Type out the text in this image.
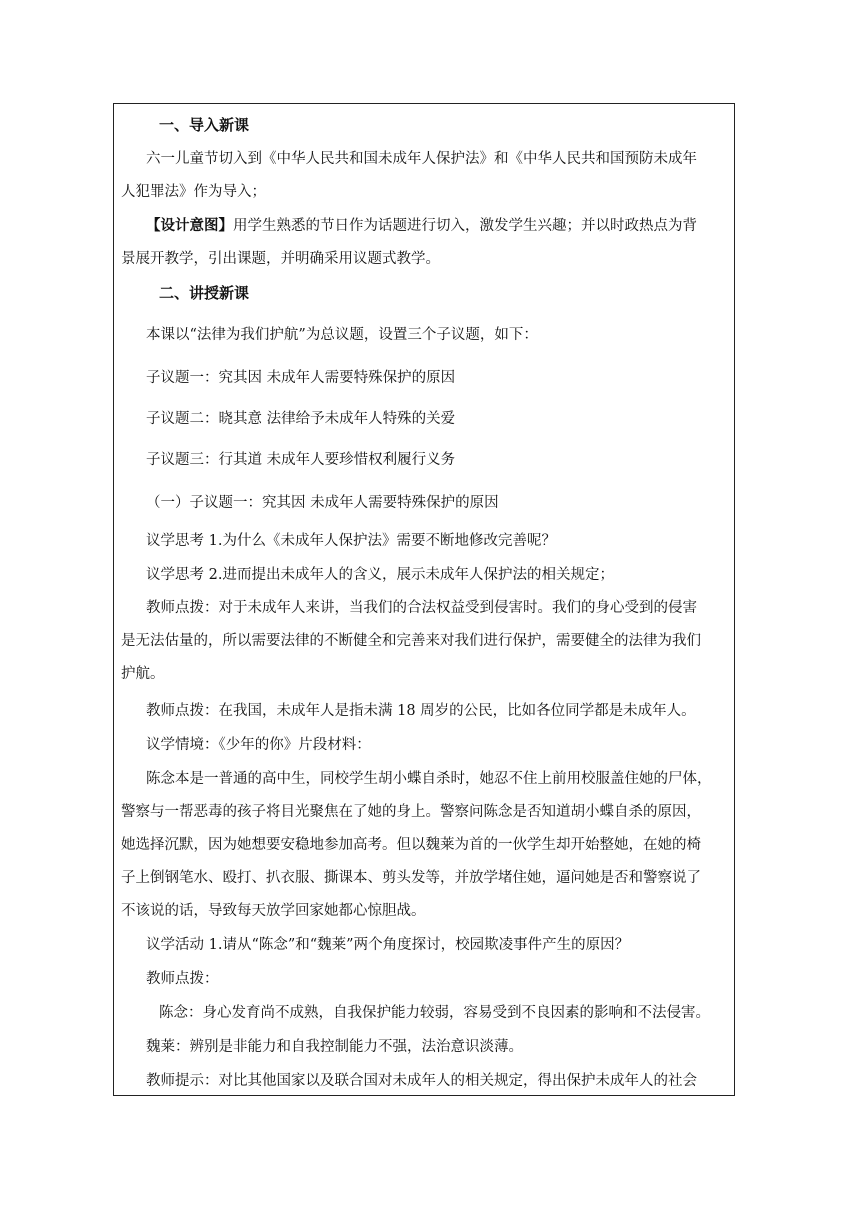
一、导入新课
六一儿童节切入到《中华人民共和国未成年人保护法》和《中华人民共和国预防未成年
人犯罪法》作为导入；
【设计意图】用学生熟悉的节日作为话题进行切入，激发学生兴趣；并以时政热点为背
景展开教学，引出课题，并明确采用议题式教学。
二、讲授新课
本课以“法律为我们护航”为总议题，设置三个子议题，如下：
子议题一：究其因 未成年人需要特殊保护的原因
子议题二：晓其意 法律给予未成年人特殊的关爱
子议题三：行其道 未成年人要珍惜权利履行义务
（一）子议题一：究其因 未成年人需要特殊保护的原因
议学思考 1.为什么《未成年人保护法》需要不断地修改完善呢？
议学思考 2.进而提出未成年人的含义，展示未成年人保护法的相关规定；
教师点拨：对于未成年人来讲，当我们的合法权益受到侵害时。我们的身心受到的侵害
是无法估量的，所以需要法律的不断健全和完善来对我们进行保护，需要健全的法律为我们
护航。
教师点拨：在我国，未成年人是指未满 18 周岁的公民，比如各位同学都是未成年人。
议学情境：《少年的你》片段材料：
陈念本是一普通的高中生，同校学生胡小蝶自杀时，她忍不住上前用校服盖住她的尸体，
警察与一帮恶毒的孩子将目光聚焦在了她的身上。警察问陈念是否知道胡小蝶自杀的原因，
她选择沉默，因为她想要安稳地参加高考。但以魏莱为首的一伙学生却开始整她，在她的椅
子上倒钢笔水、殴打、扒衣服、撕课本、剪头发等，并放学堵住她，逼问她是否和警察说了
不该说的话，导致每天放学回家她都心惊胆战。
议学活动 1.请从“陈念”和“魏莱”两个角度探讨，校园欺凌事件产生的原因？
教师点拨：
陈念：身心发育尚不成熟，自我保护能力较弱，容易受到不良因素的影响和不法侵害。
魏莱：辨别是非能力和自我控制能力不强，法治意识淡薄。
教师提示：对比其他国家以及联合国对未成年人的相关规定，得出保护未成年人的社会
